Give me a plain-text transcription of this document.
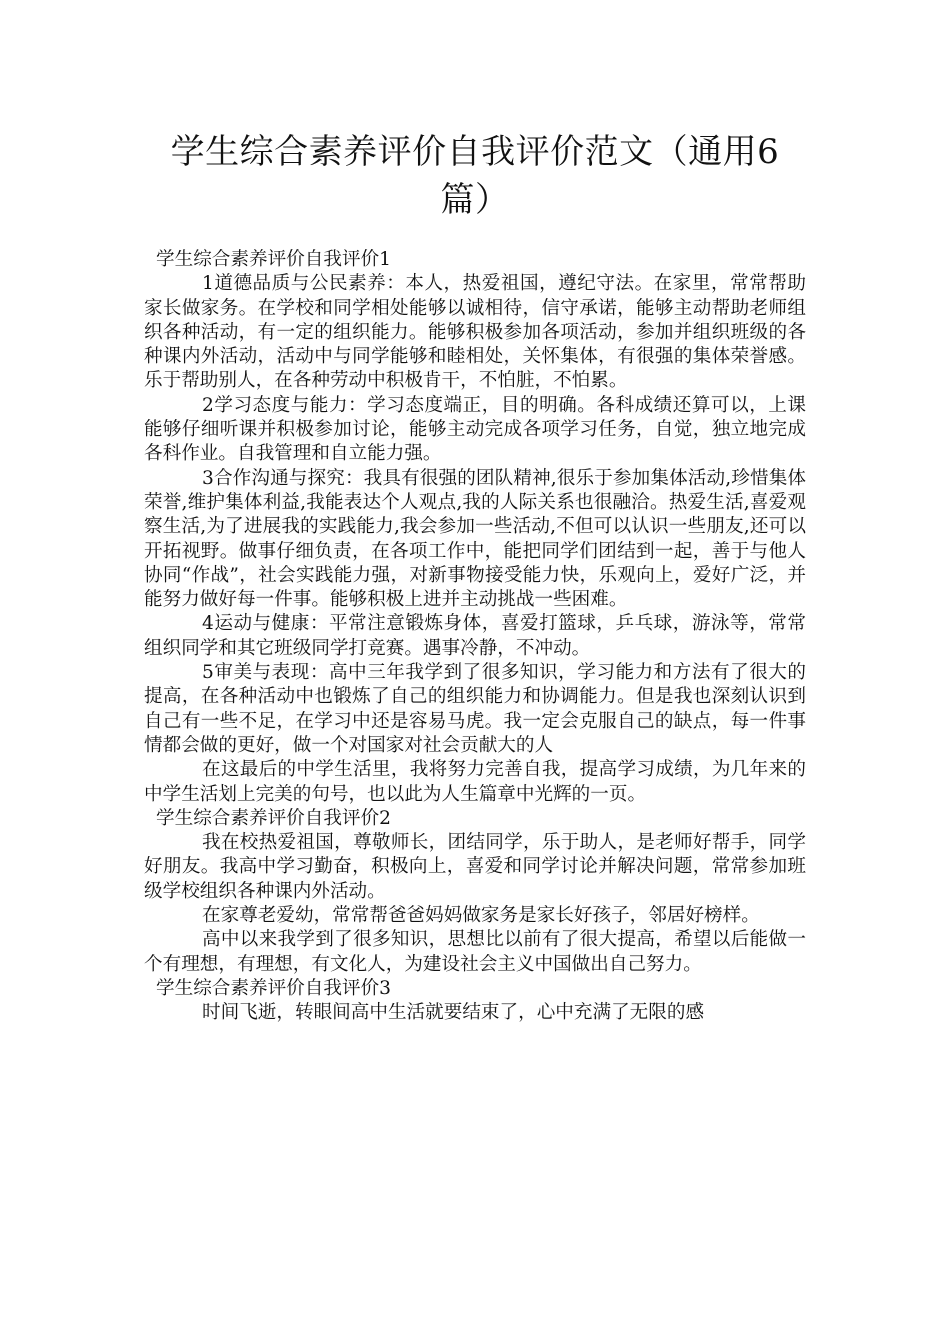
学生综合素养评价自我评价范文（通用6篇）

学生综合素养评价自我评价1

1道德品质与公民素养：本人，热爱祖国，遵纪守法。在家里，常常帮助家长做家务。在学校和同学相处能够以诚相待，信守承诺，能够主动帮助老师组织各种活动，有一定的组织能力。能够积极参加各项活动，参加并组织班级的各种课内外活动，活动中与同学能够和睦相处，关怀集体，有很强的集体荣誉感。乐于帮助别人，在各种劳动中积极肯干，不怕脏，不怕累。

2学习态度与能力：学习态度端正，目的明确。各科成绩还算可以，上课能够仔细听课并积极参加讨论，能够主动完成各项学习任务，自觉，独立地完成各科作业。自我管理和自立能力强。

3合作沟通与探究：我具有很强的团队精神,很乐于参加集体活动,珍惜集体荣誉,维护集体利益,我能表达个人观点,我的人际关系也很融洽。热爱生活,喜爱观察生活,为了进展我的实践能力,我会参加一些活动,不但可以认识一些朋友,还可以开拓视野。做事仔细负责，在各项工作中，能把同学们团结到一起，善于与他人协同“作战”，社会实践能力强，对新事物接受能力快，乐观向上，爱好广泛，并能努力做好每一件事。能够积极上进并主动挑战一些困难。

4运动与健康：平常注意锻炼身体，喜爱打篮球，乒乓球，游泳等，常常组织同学和其它班级同学打竞赛。遇事冷静，不冲动。

5审美与表现：高中三年我学到了很多知识，学习能力和方法有了很大的提高，在各种活动中也锻炼了自己的组织能力和协调能力。但是我也深刻认识到自己有一些不足，在学习中还是容易马虎。我一定会克服自己的缺点，每一件事情都会做的更好，做一个对国家对社会贡献大的人

在这最后的中学生活里，我将努力完善自我，提高学习成绩，为几年来的中学生活划上完美的句号，也以此为人生篇章中光辉的一页。

学生综合素养评价自我评价2

我在校热爱祖国，尊敬师长，团结同学，乐于助人，是老师好帮手，同学好朋友。我高中学习勤奋，积极向上，喜爱和同学讨论并解决问题，常常参加班级学校组织各种课内外活动。

在家尊老爱幼，常常帮爸爸妈妈做家务是家长好孩子，邻居好榜样。

高中以来我学到了很多知识，思想比以前有了很大提高，希望以后能做一个有理想，有理想，有文化人，为建设社会主义中国做出自己努力。

学生综合素养评价自我评价3

时间飞逝，转眼间高中生活就要结束了，心中充满了无限的感
